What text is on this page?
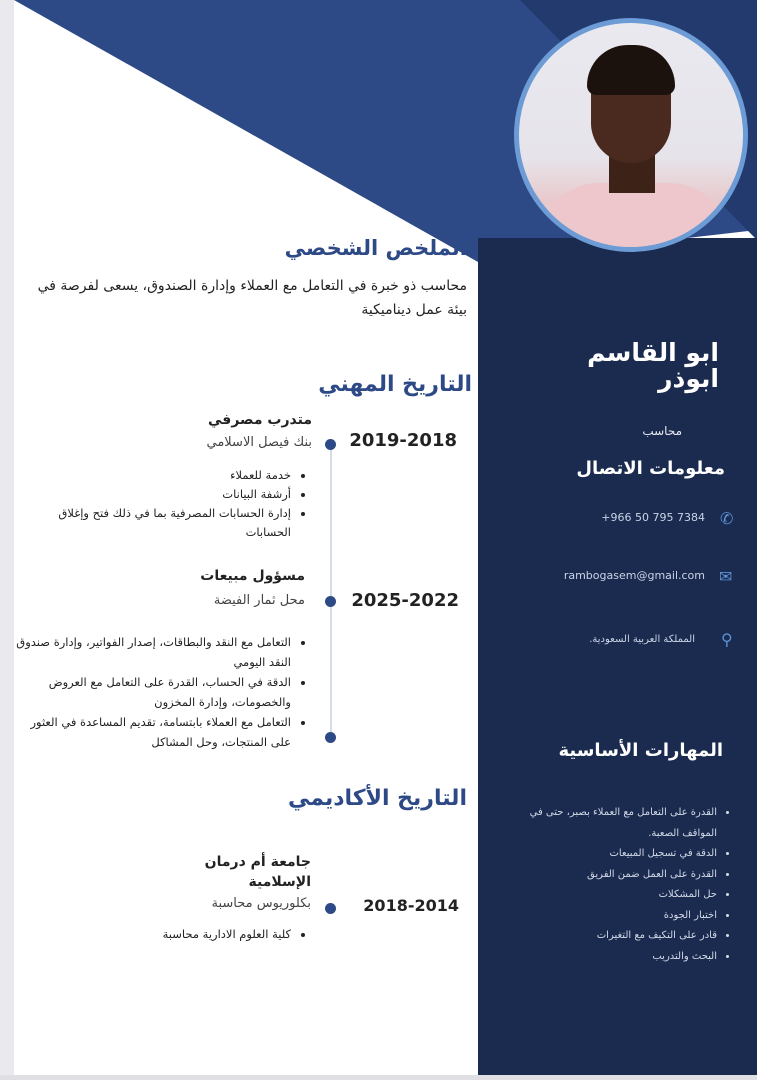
الملخص الشخصي
محاسب ذو خبرة في التعامل مع العملاء وإدارة الصندوق، يسعى لفرصة في بيئة عمل ديناميكية
التاريخ المهني
2019-2018
متدرب مصرفي
بنك فيصل الاسلامي
• خدمة للعملاء
• أرشفة البيانات
• إدارة الحسابات المصرفية بما في ذلك فتح وإغلاق الحسابات
2025-2022
مسؤول مبيعات
محل ثمار الفيضة
• التعامل مع النقد والبطاقات، إصدار الفواتير، وإدارة صندوق النقد اليومي
• الدقة في الحساب، القدرة على التعامل مع العروض والخصومات، وإدارة المخزون
• التعامل مع العملاء بابتسامة، تقديم المساعدة في العثور على المنتجات، وحل المشاكل
التاريخ الأكاديمي
2018-2014
جامعة أم درمان الإسلامية
بكلوريوس محاسبة
• كلية العلوم الادارية محاسبة
ابو القاسم ابوذر
محاسب
معلومات الاتصال
✆
+966 50 795 7384
✉
rambogasem@gmail.com
⚲
المملكة العربية السعودية.
المهارات الأساسية
• القدرة على التعامل مع العملاء بصبر، حتى في المواقف الصعبة.
• الدقة في تسجيل المبيعات
• القدرة على العمل ضمن الفريق
• حل المشكلات
• اختبار الجودة
• قادر على التكيف مع التغيرات
• البحث والتدريب
